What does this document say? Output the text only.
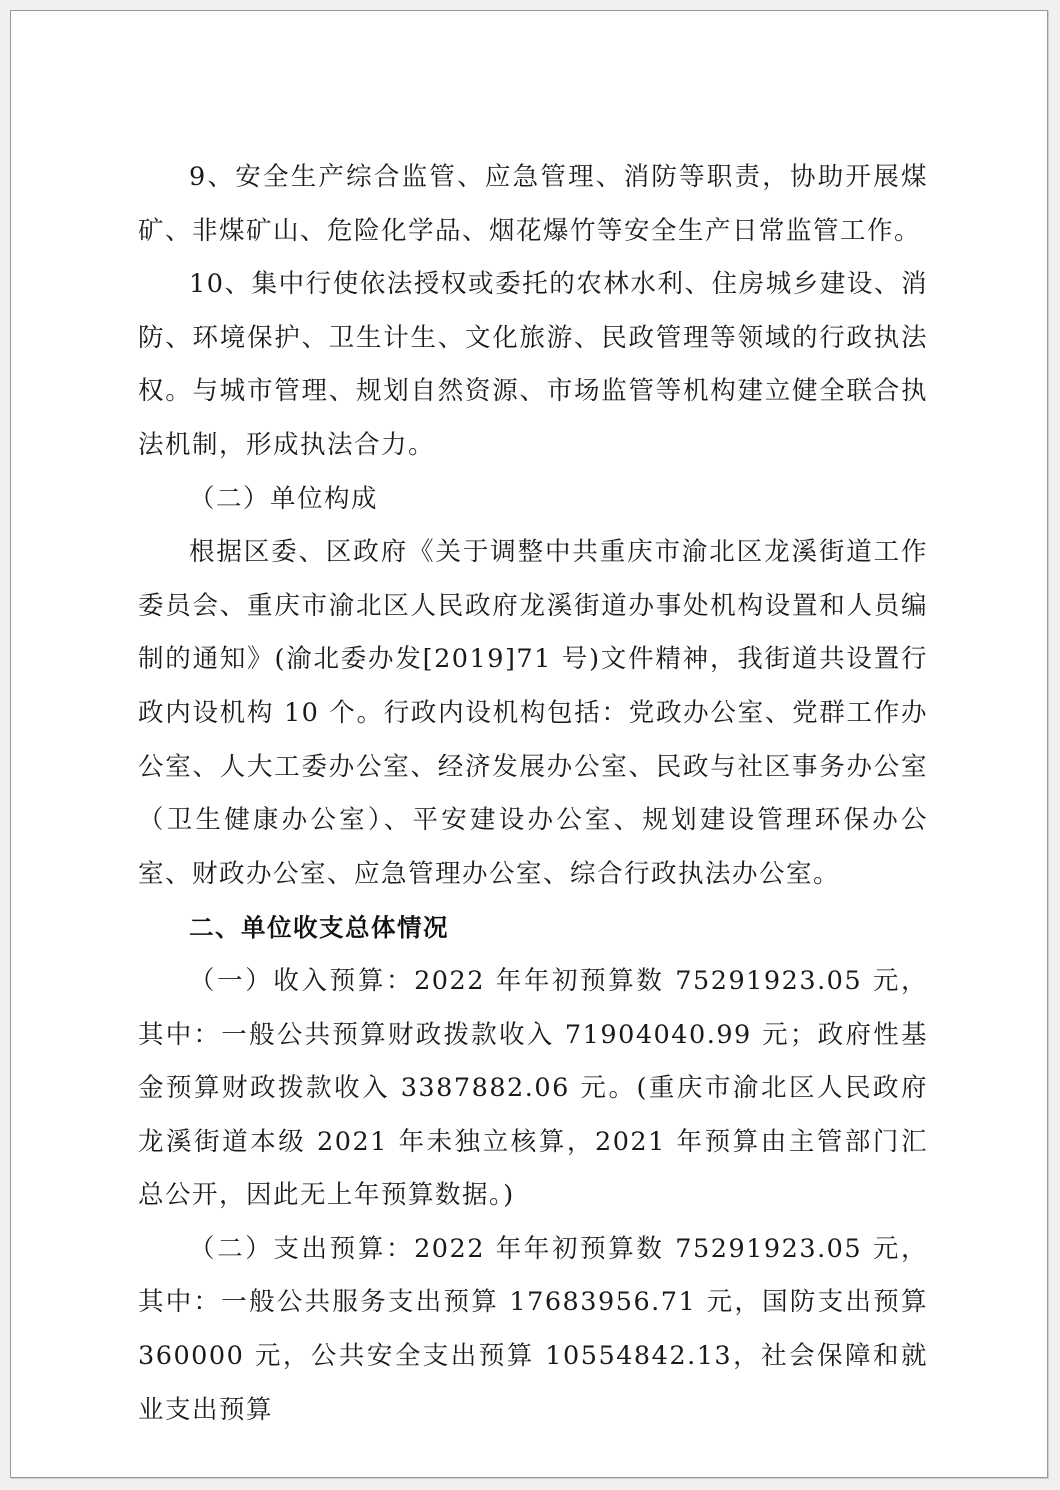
9、安全生产综合监管、应急管理、消防等职责，协助开展煤矿、非煤矿山、危险化学品、烟花爆竹等安全生产日常监管工作。

10、集中行使依法授权或委托的农林水利、住房城乡建设、消防、环境保护、卫生计生、文化旅游、民政管理等领域的行政执法权。与城市管理、规划自然资源、市场监管等机构建立健全联合执法机制，形成执法合力。

（二）单位构成

根据区委、区政府《关于调整中共重庆市渝北区龙溪街道工作委员会、重庆市渝北区人民政府龙溪街道办事处机构设置和人员编制的通知》(渝北委办发[2019]71 号)文件精神，我街道共设置行政内设机构 10 个。行政内设机构包括：党政办公室、党群工作办公室、人大工委办公室、经济发展办公室、民政与社区事务办公室（卫生健康办公室）、平安建设办公室、规划建设管理环保办公室、财政办公室、应急管理办公室、综合行政执法办公室。

二、单位收支总体情况

（一）收入预算：2022 年年初预算数 75291923.05 元，其中：一般公共预算财政拨款收入 71904040.99 元；政府性基金预算财政拨款收入 3387882.06 元。(重庆市渝北区人民政府龙溪街道本级 2021 年未独立核算，2021 年预算由主管部门汇总公开，因此无上年预算数据。)

（二）支出预算：2022 年年初预算数 75291923.05 元，其中：一般公共服务支出预算 17683956.71 元，国防支出预算 360000 元，公共安全支出预算 10554842.13，社会保障和就业支出预算
